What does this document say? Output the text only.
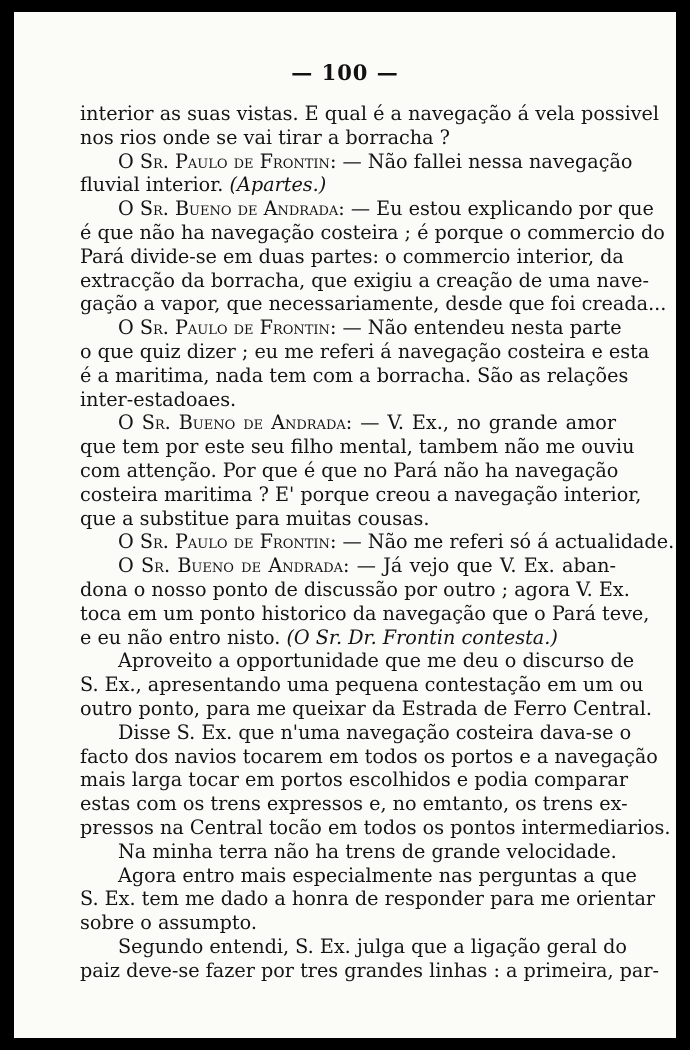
— 100 —
interior as suas vistas. E qual é a navegação á vela possivel
nos rios onde se vai tirar a borracha ?
O Sr. Paulo de Frontin: — Não fallei nessa navegação
fluvial interior. (Apartes.)
O Sr. Bueno de Andrada: — Eu estou explicando por que
é que não ha navegação costeira ; é porque o commercio do
Pará divide-se em duas partes: o commercio interior, da
extracção da borracha, que exigiu a creação de uma nave-
gação a vapor, que necessariamente, desde que foi creada...
O Sr. Paulo de Frontin: — Não entendeu nesta parte
o que quiz dizer ; eu me referi á navegação costeira e esta
é a maritima, nada tem com a borracha. São as relações
inter-estadoaes.
O Sr. Bueno de Andrada: — V. Ex., no grande amor
que tem por este seu filho mental, tambem não me ouviu
com attenção. Por que é que no Pará não ha navegação
costeira maritima ? E' porque creou a navegação interior,
que a substitue para muitas cousas.
O Sr. Paulo de Frontin: — Não me referi só á actualidade.
O Sr. Bueno de Andrada: — Já vejo que V. Ex. aban-
dona o nosso ponto de discussão por outro ; agora V. Ex.
toca em um ponto historico da navegação que o Pará teve,
e eu não entro nisto. (O Sr. Dr. Frontin contesta.)
Aproveito a opportunidade que me deu o discurso de
S. Ex., apresentando uma pequena contestação em um ou
outro ponto, para me queixar da Estrada de Ferro Central.
Disse S. Ex. que n'uma navegação costeira dava-se o
facto dos navios tocarem em todos os portos e a navegação
mais larga tocar em portos escolhidos e podia comparar
estas com os trens expressos e, no emtanto, os trens ex-
pressos na Central tocão em todos os pontos intermediarios.
Na minha terra não ha trens de grande velocidade.
Agora entro mais especialmente nas perguntas a que
S. Ex. tem me dado a honra de responder para me orientar
sobre o assumpto.
Segundo entendi, S. Ex. julga que a ligação geral do
paiz deve-se fazer por tres grandes linhas : a primeira, par-
